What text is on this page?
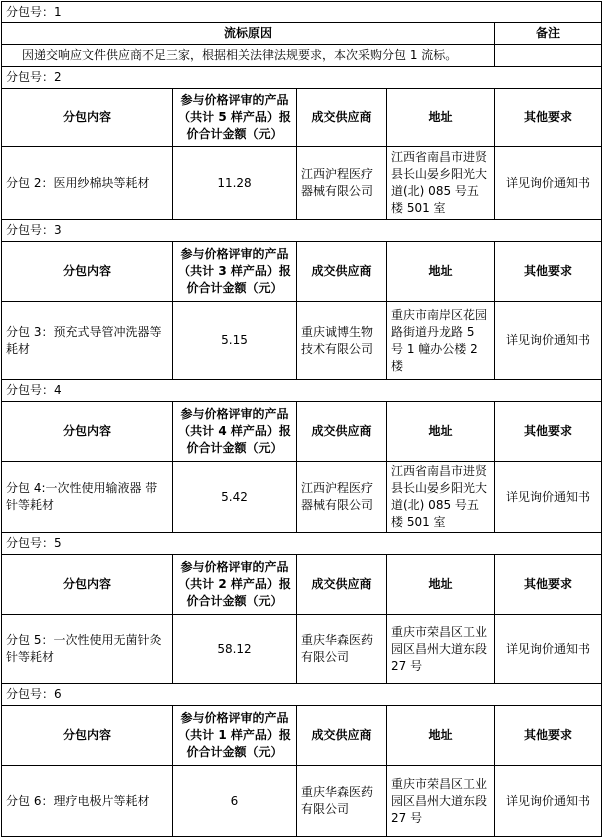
分包号：1				
流标原因				备注
因递交响应文件供应商不足三家，根据相关法律法规要求，本次采购分包 1 流标。				
分包号：2				
分包内容	参与价格评审的产品（共计 5 样产品）报价合计金额（元）	成交供应商	地址	其他要求
分包 2：医用纱棉块等耗材	11.28	江西沪程医疗器械有限公司	江西省南昌市进贤县长山晏乡阳光大道(北) 085 号五楼 501 室	详见询价通知书
分包号：3				
分包内容	参与价格评审的产品（共计 3 样产品）报价合计金额（元）	成交供应商	地址	其他要求
分包 3：预充式导管冲洗器等耗材	5.15	重庆诚博生物技术有限公司	重庆市南岸区花园路街道丹龙路 5 号 1 幢办公楼 2 楼	详见询价通知书
分包号：4				
分包内容	参与价格评审的产品（共计 4 样产品）报价合计金额（元）	成交供应商	地址	其他要求
分包 4:一次性使用输液器 带针等耗材	5.42	江西沪程医疗器械有限公司	江西省南昌市进贤县长山晏乡阳光大道(北) 085 号五楼 501 室	详见询价通知书
分包号：5				
分包内容	参与价格评审的产品（共计 2 样产品）报价合计金额（元）	成交供应商	地址	其他要求
分包 5：一次性使用无菌针灸针等耗材	58.12	重庆华森医药有限公司	重庆市荣昌区工业园区昌州大道东段 27 号	详见询价通知书
分包号：6				
分包内容	参与价格评审的产品（共计 1 样产品）报价合计金额（元）	成交供应商	地址	其他要求
分包 6：理疗电极片等耗材	6	重庆华森医药有限公司	重庆市荣昌区工业园区昌州大道东段 27 号	详见询价通知书
